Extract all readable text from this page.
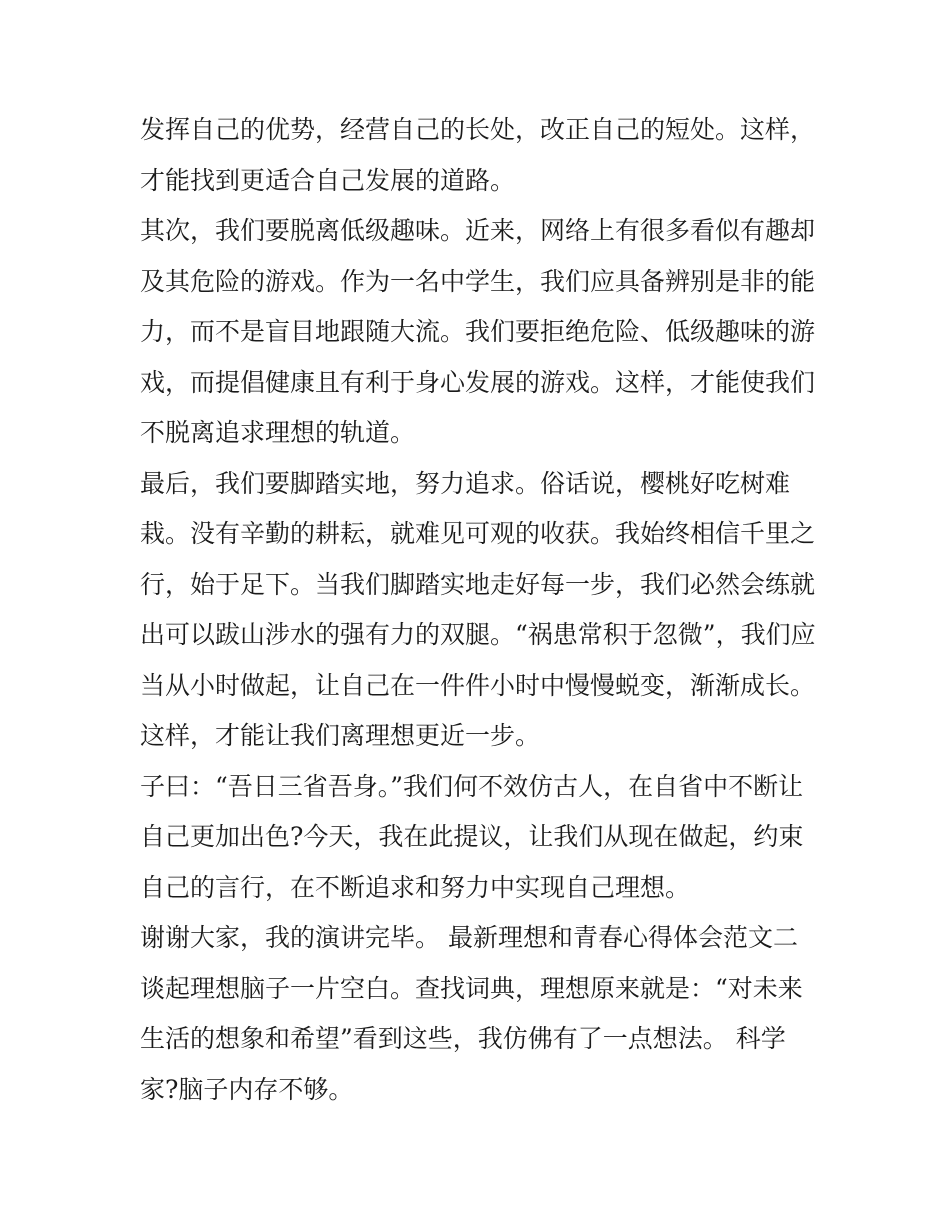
发挥自己的优势，经营自己的长处，改正自己的短处。这样，
才能找到更适合自己发展的道路。
其次，我们要脱离低级趣味。近来，网络上有很多看似有趣却
及其危险的游戏。作为一名中学生，我们应具备辨别是非的能
力，而不是盲目地跟随大流。我们要拒绝危险、低级趣味的游
戏，而提倡健康且有利于身心发展的游戏。这样，才能使我们
不脱离追求理想的轨道。
最后，我们要脚踏实地，努力追求。俗话说，樱桃好吃树难
栽。没有辛勤的耕耘，就难见可观的收获。我始终相信千里之
行，始于足下。当我们脚踏实地走好每一步，我们必然会练就
出可以跋山涉水的强有力的双腿。“祸患常积于忽微”，我们应
当从小时做起，让自己在一件件小时中慢慢蜕变，渐渐成长。
这样，才能让我们离理想更近一步。
子曰：“吾日三省吾身。”我们何不效仿古人，在自省中不断让
自己更加出色?今天，我在此提议，让我们从现在做起，约束
自己的言行，在不断追求和努力中实现自己理想。
谢谢大家，我的演讲完毕。 最新理想和青春心得体会范文二
谈起理想脑子一片空白。查找词典，理想原来就是：“对未来
生活的想象和希望”看到这些，我仿佛有了一点想法。 科学
家?脑子内存不够。
